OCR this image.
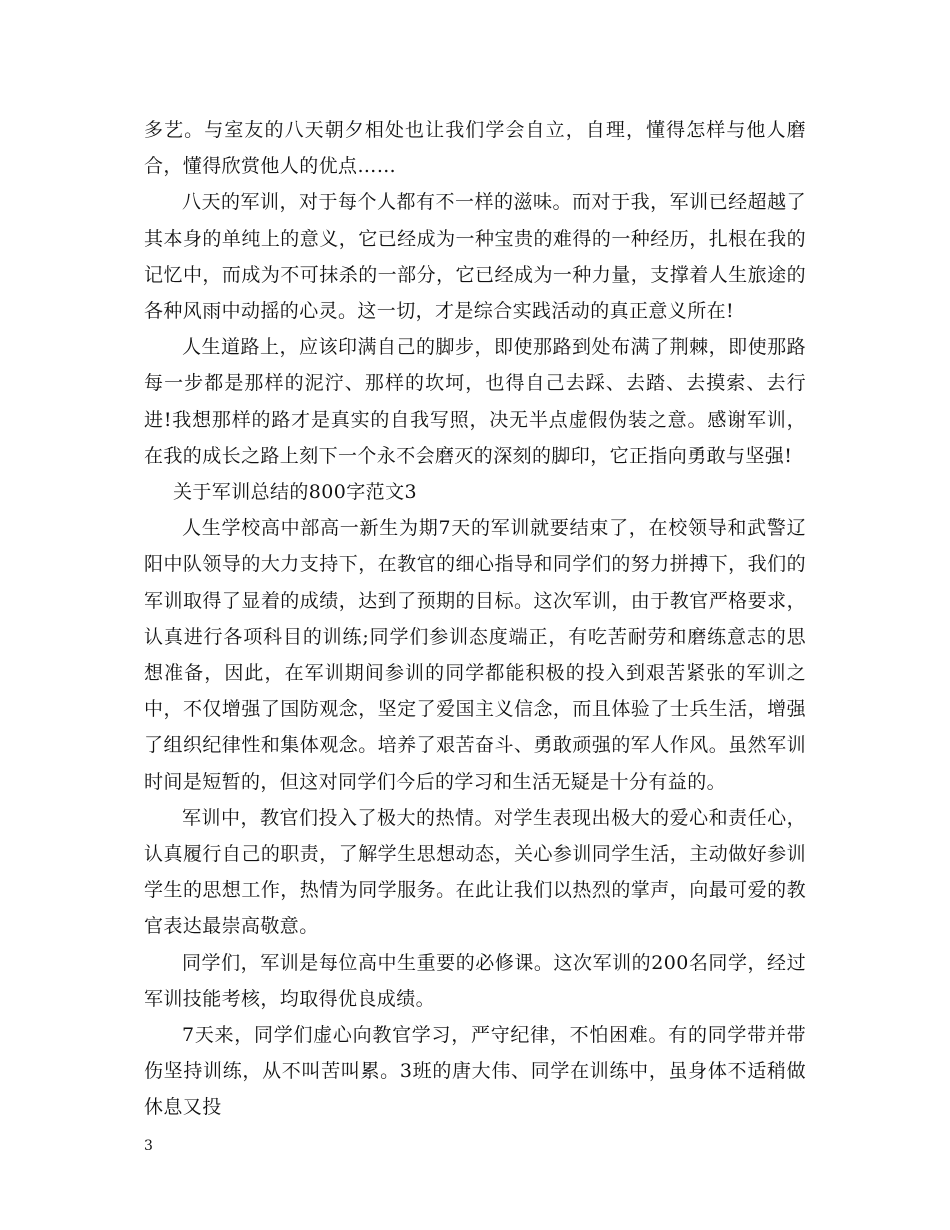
多艺。与室友的八天朝夕相处也让我们学会自立，自理，懂得怎样与他人磨合，懂得欣赏他人的优点……

八天的军训，对于每个人都有不一样的滋味。而对于我，军训已经超越了其本身的单纯上的意义，它已经成为一种宝贵的难得的一种经历，扎根在我的记忆中，而成为不可抹杀的一部分，它已经成为一种力量，支撑着人生旅途的各种风雨中动摇的心灵。这一切，才是综合实践活动的真正意义所在!

人生道路上，应该印满自己的脚步，即使那路到处布满了荆棘，即使那路每一步都是那样的泥泞、那样的坎坷，也得自己去踩、去踏、去摸索、去行进!我想那样的路才是真实的自我写照，决无半点虚假伪装之意。感谢军训，在我的成长之路上刻下一个永不会磨灭的深刻的脚印，它正指向勇敢与坚强!

关于军训总结的800字范文3

人生学校高中部高一新生为期7天的军训就要结束了，在校领导和武警辽阳中队领导的大力支持下，在教官的细心指导和同学们的努力拼搏下，我们的军训取得了显着的成绩，达到了预期的目标。这次军训，由于教官严格要求，认真进行各项科目的训练;同学们参训态度端正，有吃苦耐劳和磨练意志的思想准备，因此，在军训期间参训的同学都能积极的投入到艰苦紧张的军训之中，不仅增强了国防观念，坚定了爱国主义信念，而且体验了士兵生活，增强了组织纪律性和集体观念。培养了艰苦奋斗、勇敢顽强的军人作风。虽然军训时间是短暂的，但这对同学们今后的学习和生活无疑是十分有益的。

军训中，教官们投入了极大的热情。对学生表现出极大的爱心和责任心，认真履行自己的职责，了解学生思想动态，关心参训同学生活，主动做好参训学生的思想工作，热情为同学服务。在此让我们以热烈的掌声，向最可爱的教官表达最崇高敬意。

同学们，军训是每位高中生重要的必修课。这次军训的200名同学，经过军训技能考核，均取得优良成绩。

7天来，同学们虚心向教官学习，严守纪律，不怕困难。有的同学带并带伤坚持训练，从不叫苦叫累。3班的唐大伟、同学在训练中，虽身体不适稍做休息又投

3
